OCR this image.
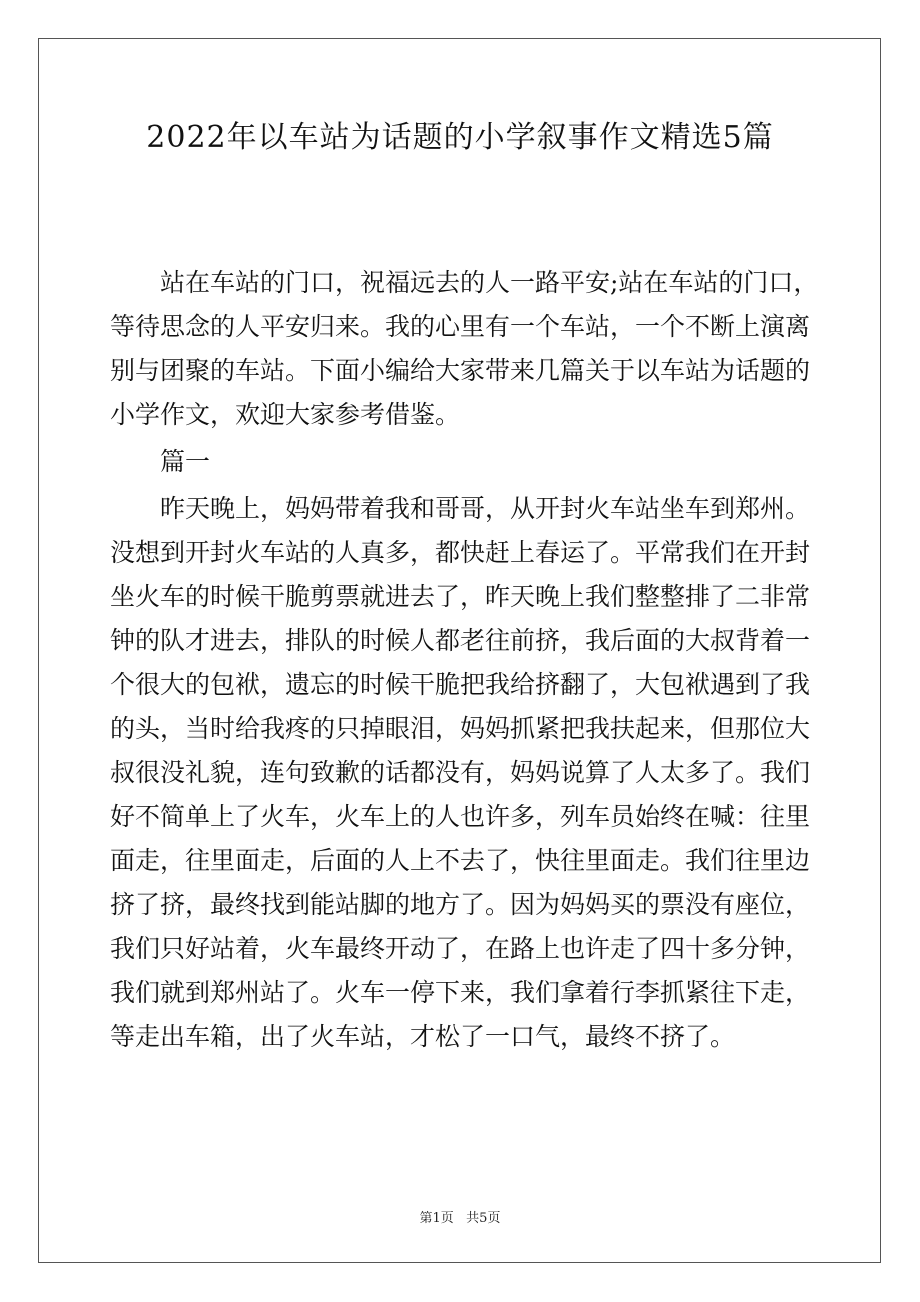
2022年以车站为话题的小学叙事作文精选5篇
站在车站的门口，祝福远去的人一路平安;站在车站的门口，
等待思念的人平安归来。我的心里有一个车站，一个不断上演离
别与团聚的车站。下面小编给大家带来几篇关于以车站为话题的
小学作文，欢迎大家参考借鉴。
篇一
昨天晚上，妈妈带着我和哥哥，从开封火车站坐车到郑州。
没想到开封火车站的人真多，都快赶上春运了。平常我们在开封
坐火车的时候干脆剪票就进去了，昨天晚上我们整整排了二非常
钟的队才进去，排队的时候人都老往前挤，我后面的大叔背着一
个很大的包袱，遗忘的时候干脆把我给挤翻了，大包袱遇到了我
的头，当时给我疼的只掉眼泪，妈妈抓紧把我扶起来，但那位大
叔很没礼貌，连句致歉的话都没有，妈妈说算了人太多了。我们
好不简单上了火车，火车上的人也许多，列车员始终在喊：往里
面走，往里面走，后面的人上不去了，快往里面走。我们往里边
挤了挤，最终找到能站脚的地方了。因为妈妈买的票没有座位，
我们只好站着，火车最终开动了，在路上也许走了四十多分钟，
我们就到郑州站了。火车一停下来，我们拿着行李抓紧往下走，
等走出车箱，出了火车站，才松了一口气，最终不挤了。
第1页   共5页
